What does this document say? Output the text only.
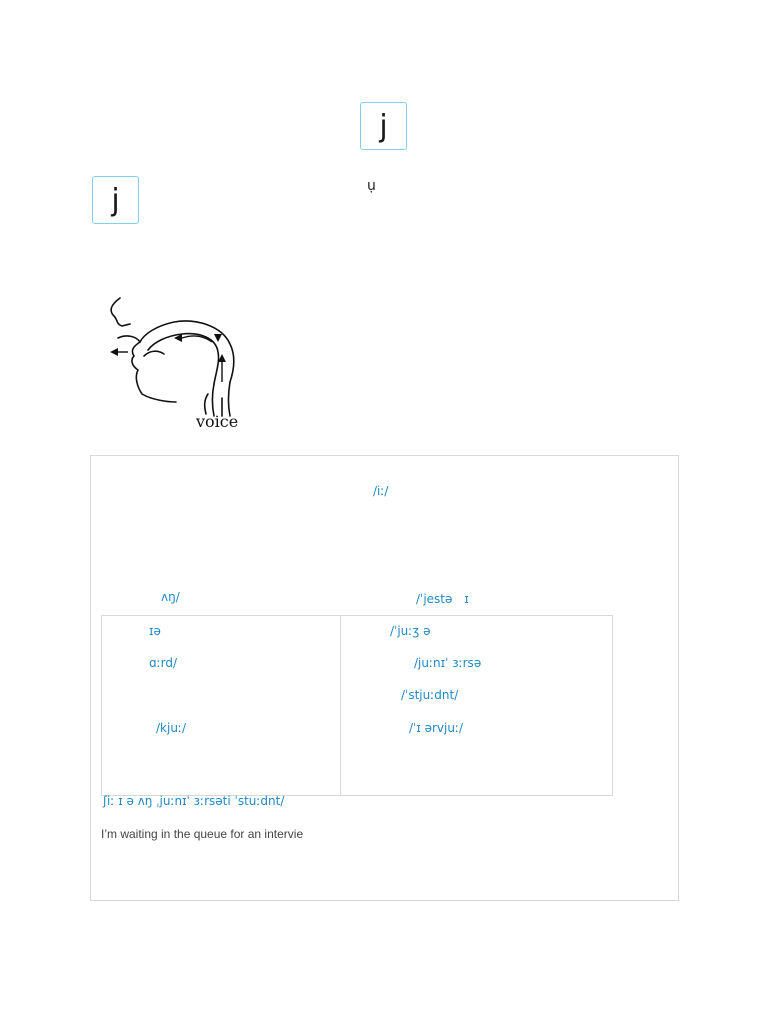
j
j	ụ
voice
/iː/
ʌŋ/	/ˈjestə　ɪ
ɪə
ɑːrd/
/kjuː/
/ˈjuːʒ ə
/juːnɪˈ ɜːrsə
/ˈstjuːdnt/
/ˈɪ ərvjuː/
ʃiː ɪ ə ʌŋ ˌjuːnɪˈ ɜːrsəti ˈstuːdnt/
I’m waiting in the queue for an intervie
